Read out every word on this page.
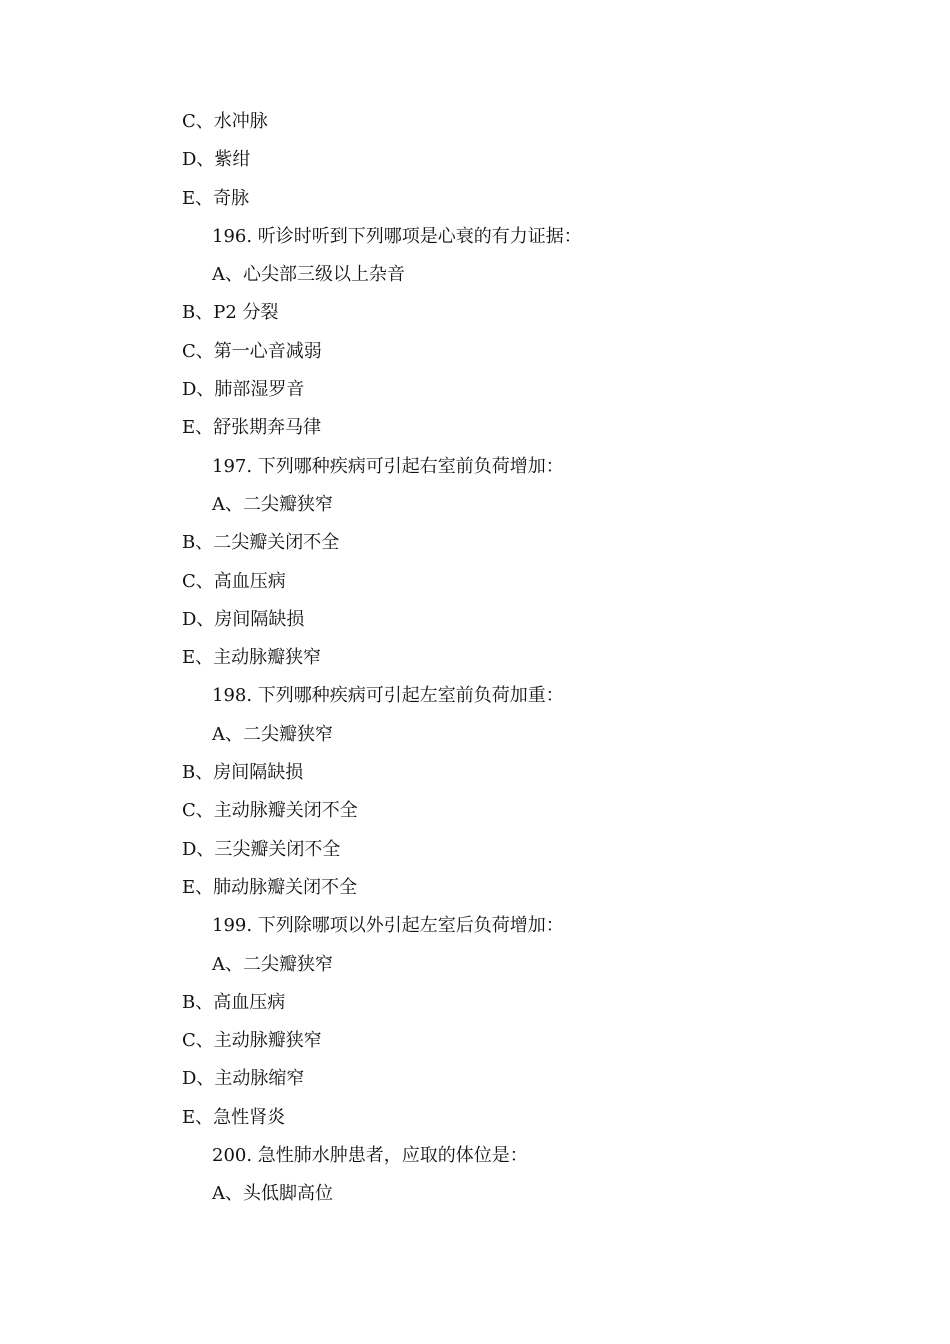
C、水冲脉
D、紫绀
E、奇脉
196. 听诊时听到下列哪项是心衰的有力证据：
A、心尖部三级以上杂音
B、P2 分裂
C、第一心音减弱
D、肺部湿罗音
E、舒张期奔马律
197. 下列哪种疾病可引起右室前负荷增加：
A、二尖瓣狭窄
B、二尖瓣关闭不全
C、高血压病
D、房间隔缺损
E、主动脉瓣狭窄
198. 下列哪种疾病可引起左室前负荷加重：
A、二尖瓣狭窄
B、房间隔缺损
C、主动脉瓣关闭不全
D、三尖瓣关闭不全
E、肺动脉瓣关闭不全
199. 下列除哪项以外引起左室后负荷增加：
A、二尖瓣狭窄
B、高血压病
C、主动脉瓣狭窄
D、主动脉缩窄
E、急性肾炎
200. 急性肺水肿患者，应取的体位是：
A、头低脚高位
